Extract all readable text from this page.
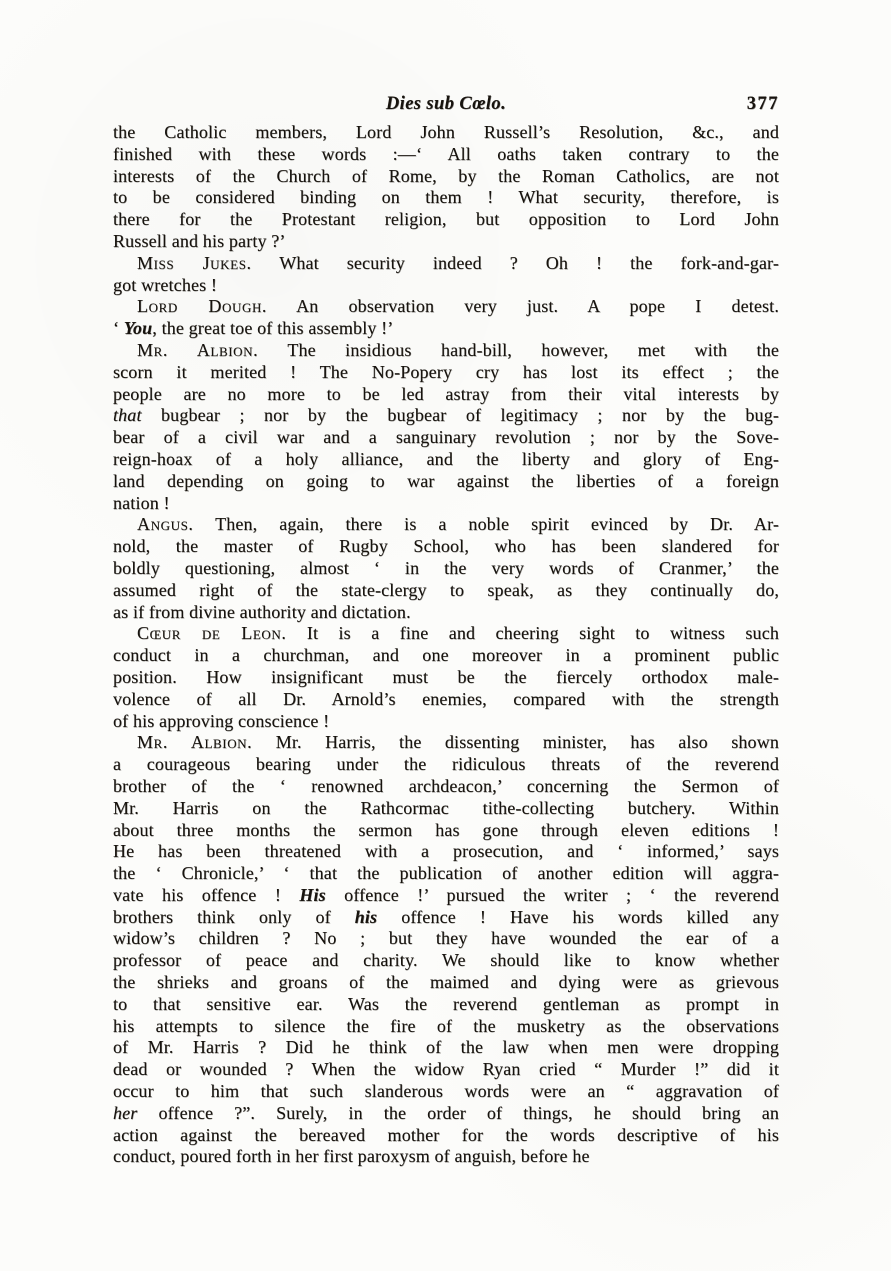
Dies sub Cœlo.	377
the Catholic members, Lord John Russell’s Resolution, &c., and
finished with these words :—‘ All oaths taken contrary to the
interests of the Church of Rome, by the Roman Catholics, are not
to be considered binding on them ! What security, therefore, is
there for the Protestant religion, but opposition to Lord John
Russell and his party ?’
Miss Jukes. What security indeed ? Oh ! the fork-and-gar-
got wretches !
Lord Dough. An observation very just. A pope I detest.
‘ You, the great toe of this assembly !’
Mr. Albion. The insidious hand-bill, however, met with the
scorn it merited ! The No-Popery cry has lost its effect ; the
people are no more to be led astray from their vital interests by
that bugbear ; nor by the bugbear of legitimacy ; nor by the bug-
bear of a civil war and a sanguinary revolution ; nor by the Sove-
reign-hoax of a holy alliance, and the liberty and glory of Eng-
land depending on going to war against the liberties of a foreign
nation !
Angus. Then, again, there is a noble spirit evinced by Dr. Ar-
nold, the master of Rugby School, who has been slandered for
boldly questioning, almost ‘ in the very words of Cranmer,’ the
assumed right of the state-clergy to speak, as they continually do,
as if from divine authority and dictation.
Cœur de Leon. It is a fine and cheering sight to witness such
conduct in a churchman, and one moreover in a prominent public
position. How insignificant must be the fiercely orthodox male-
volence of all Dr. Arnold’s enemies, compared with the strength
of his approving conscience !
Mr. Albion. Mr. Harris, the dissenting minister, has also shown
a courageous bearing under the ridiculous threats of the reverend
brother of the ‘ renowned archdeacon,’ concerning the Sermon of
Mr. Harris on the Rathcormac tithe-collecting butchery. Within
about three months the sermon has gone through eleven editions !
He has been threatened with a prosecution, and ‘ informed,’ says
the ‘ Chronicle,’ ‘ that the publication of another edition will aggra-
vate his offence ! His offence !’ pursued the writer ; ‘ the reverend
brothers think only of his offence ! Have his words killed any
widow’s children ? No ; but they have wounded the ear of a
professor of peace and charity. We should like to know whether
the shrieks and groans of the maimed and dying were as grievous
to that sensitive ear. Was the reverend gentleman as prompt in
his attempts to silence the fire of the musketry as the observations
of Mr. Harris ? Did he think of the law when men were dropping
dead or wounded ? When the widow Ryan cried “ Murder !” did it
occur to him that such slanderous words were an “ aggravation of
her offence ?”. Surely, in the order of things, he should bring an
action against the bereaved mother for the words descriptive of his
conduct, poured forth in her first paroxysm of anguish, before he
